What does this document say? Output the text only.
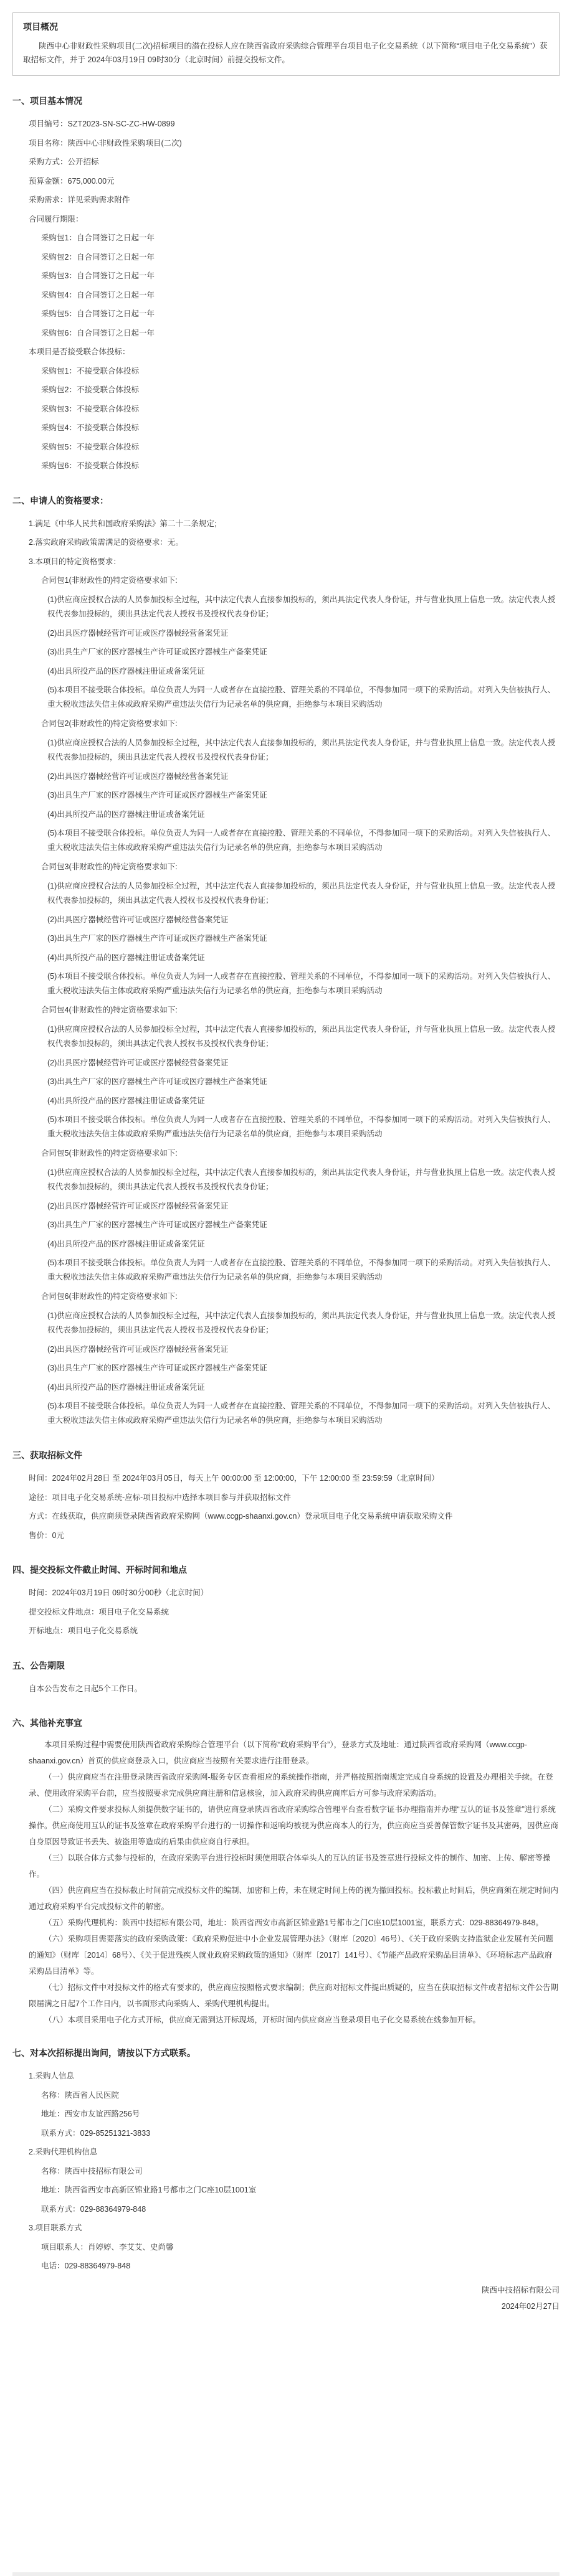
项目概况
陕西中心非财政性采购项目(二次)招标项目的潜在投标人应在陕西省政府采购综合管理平台项目电子化交易系统（以下简称“项目电子化交易系统”）获取招标文件，并于 2024年03月19日 09时30分（北京时间）前提交投标文件。
一、项目基本情况
项目编号：SZT2023-SN-SC-ZC-HW-0899
项目名称：陕西中心非财政性采购项目(二次)
采购方式：公开招标
预算金额：675,000.00元
采购需求：详见采购需求附件
合同履行期限：
采购包1：自合同签订之日起一年
采购包2：自合同签订之日起一年
采购包3：自合同签订之日起一年
采购包4：自合同签订之日起一年
采购包5：自合同签订之日起一年
采购包6：自合同签订之日起一年
本项目是否接受联合体投标：
采购包1：不接受联合体投标
采购包2：不接受联合体投标
采购包3：不接受联合体投标
采购包4：不接受联合体投标
采购包5：不接受联合体投标
采购包6：不接受联合体投标
二、申请人的资格要求：
1.满足《中华人民共和国政府采购法》第二十二条规定;
2.落实政府采购政策需满足的资格要求：无。
3.本项目的特定资格要求：
合同包1(非财政性的)特定资格要求如下:
(1)供应商应授权合法的人员参加投标全过程，其中法定代表人直接参加投标的，须出具法定代表人身份证，并与营业执照上信息一致。法定代表人授权代表参加投标的，须出具法定代表人授权书及授权代表身份证；
(2)出具医疗器械经营许可证或医疗器械经营备案凭证
(3)出具生产厂家的医疗器械生产许可证或医疗器械生产备案凭证
(4)出具所投产品的医疗器械注册证或备案凭证
(5)本项目不接受联合体投标。单位负责人为同一人或者存在直接控股、管理关系的不同单位，不得参加同一项下的采购活动。对列入失信被执行人、重大税收违法失信主体或政府采购严重违法失信行为记录名单的供应商，拒绝参与本项目采购活动
合同包2(非财政性的)特定资格要求如下:
(1)供应商应授权合法的人员参加投标全过程，其中法定代表人直接参加投标的，须出具法定代表人身份证，并与营业执照上信息一致。法定代表人授权代表参加投标的，须出具法定代表人授权书及授权代表身份证；
(2)出具医疗器械经营许可证或医疗器械经营备案凭证
(3)出具生产厂家的医疗器械生产许可证或医疗器械生产备案凭证
(4)出具所投产品的医疗器械注册证或备案凭证
(5)本项目不接受联合体投标。单位负责人为同一人或者存在直接控股、管理关系的不同单位，不得参加同一项下的采购活动。对列入失信被执行人、重大税收违法失信主体或政府采购严重违法失信行为记录名单的供应商，拒绝参与本项目采购活动
合同包3(非财政性的)特定资格要求如下:
(1)供应商应授权合法的人员参加投标全过程，其中法定代表人直接参加投标的，须出具法定代表人身份证，并与营业执照上信息一致。法定代表人授权代表参加投标的，须出具法定代表人授权书及授权代表身份证；
(2)出具医疗器械经营许可证或医疗器械经营备案凭证
(3)出具生产厂家的医疗器械生产许可证或医疗器械生产备案凭证
(4)出具所投产品的医疗器械注册证或备案凭证
(5)本项目不接受联合体投标。单位负责人为同一人或者存在直接控股、管理关系的不同单位，不得参加同一项下的采购活动。对列入失信被执行人、重大税收违法失信主体或政府采购严重违法失信行为记录名单的供应商，拒绝参与本项目采购活动
合同包4(非财政性的)特定资格要求如下:
(1)供应商应授权合法的人员参加投标全过程，其中法定代表人直接参加投标的，须出具法定代表人身份证，并与营业执照上信息一致。法定代表人授权代表参加投标的，须出具法定代表人授权书及授权代表身份证；
(2)出具医疗器械经营许可证或医疗器械经营备案凭证
(3)出具生产厂家的医疗器械生产许可证或医疗器械生产备案凭证
(4)出具所投产品的医疗器械注册证或备案凭证
(5)本项目不接受联合体投标。单位负责人为同一人或者存在直接控股、管理关系的不同单位，不得参加同一项下的采购活动。对列入失信被执行人、重大税收违法失信主体或政府采购严重违法失信行为记录名单的供应商，拒绝参与本项目采购活动
合同包5(非财政性的)特定资格要求如下:
(1)供应商应授权合法的人员参加投标全过程，其中法定代表人直接参加投标的，须出具法定代表人身份证，并与营业执照上信息一致。法定代表人授权代表参加投标的，须出具法定代表人授权书及授权代表身份证；
(2)出具医疗器械经营许可证或医疗器械经营备案凭证
(3)出具生产厂家的医疗器械生产许可证或医疗器械生产备案凭证
(4)出具所投产品的医疗器械注册证或备案凭证
(5)本项目不接受联合体投标。单位负责人为同一人或者存在直接控股、管理关系的不同单位，不得参加同一项下的采购活动。对列入失信被执行人、重大税收违法失信主体或政府采购严重违法失信行为记录名单的供应商，拒绝参与本项目采购活动
合同包6(非财政性的)特定资格要求如下:
(1)供应商应授权合法的人员参加投标全过程，其中法定代表人直接参加投标的，须出具法定代表人身份证，并与营业执照上信息一致。法定代表人授权代表参加投标的，须出具法定代表人授权书及授权代表身份证；
(2)出具医疗器械经营许可证或医疗器械经营备案凭证
(3)出具生产厂家的医疗器械生产许可证或医疗器械生产备案凭证
(4)出具所投产品的医疗器械注册证或备案凭证
(5)本项目不接受联合体投标。单位负责人为同一人或者存在直接控股、管理关系的不同单位，不得参加同一项下的采购活动。对列入失信被执行人、重大税收违法失信主体或政府采购严重违法失信行为记录名单的供应商，拒绝参与本项目采购活动
三、获取招标文件
时间：2024年02月28日 至 2024年03月05日，每天上午 00:00:00 至 12:00:00，下午 12:00:00 至 23:59:59（北京时间）
途径：项目电子化交易系统-应标-项目投标中选择本项目参与并获取招标文件
方式：在线获取，供应商须登录陕西省政府采购网（www.ccgp-shaanxi.gov.cn）登录项目电子化交易系统申请获取采购文件
售价：0元
四、提交投标文件截止时间、开标时间和地点
时间：2024年03月19日 09时30分00秒（北京时间）
提交投标文件地点：项目电子化交易系统
开标地点：项目电子化交易系统
五、公告期限
自本公告发布之日起5个工作日。
六、其他补充事宜
本项目采购过程中需要使用陕西省政府采购综合管理平台（以下简称“政府采购平台”），登录方式及地址：通过陕西省政府采购网（www.ccgp-shaanxi.gov.cn）首页的供应商登录入口，供应商应当按照有关要求进行注册登录。
（一）供应商应当在注册登录陕西省政府采购网-服务专区查看相应的系统操作指南，并严格按照指南规定完成自身系统的设置及办理相关手续。在登录、使用政府采购平台前，应当按照要求完成供应商注册和信息核验，加入政府采购供应商库后方可参与政府采购活动。
（二）采购文件要求投标人须提供数字证书的，请供应商登录陕西省政府采购综合管理平台查看数字证书办理指南并办理“互认的证书及签章”进行系统操作。供应商使用互认的证书及签章在政府采购平台进行的一切操作和返响均被视为供应商本人的行为，供应商应当妥善保管数字证书及其密码，因供应商自身原因导致证书丢失、被盗用等造成的后果由供应商自行承担。
（三）以联合体方式参与投标的，在政府采购平台进行投标时须使用联合体牵头人的互认的证书及签章进行投标文件的制作、加密、上传、解密等操作。
（四）供应商应当在投标截止时间前完成投标文件的编制、加密和上传，未在规定时间上传的视为撤回投标。投标截止时间后，供应商须在规定时间内通过政府采购平台完成投标文件的解密。
（五）采购代理机构：陕西中技招标有限公司，地址：陕西省西安市高新区锦业路1号都市之门C座10层1001室，联系方式：029-88364979-848。
（六）采购项目需要落实的政府采购政策：《政府采购促进中小企业发展管理办法》（财库〔2020〕46号）、《关于政府采购支持监狱企业发展有关问题的通知》（财库〔2014〕68号）、《关于促进残疾人就业政府采购政策的通知》（财库〔2017〕141号）、《节能产品政府采购品目清单》、《环境标志产品政府采购品目清单》等。
（七）招标文件中对投标文件的格式有要求的，供应商应按照格式要求编制；供应商对招标文件提出质疑的，应当在获取招标文件或者招标文件公告期限届满之日起7个工作日内，以书面形式向采购人、采购代理机构提出。
（八）本项目采用电子化方式开标，供应商无需到达开标现场，开标时间内供应商应当登录项目电子化交易系统在线参加开标。
七、对本次招标提出询问，请按以下方式联系。
1.采购人信息
名称：陕西省人民医院
地址：西安市友谊西路256号
联系方式：029-85251321-3833
2.采购代理机构信息
名称：陕西中技招标有限公司
地址：陕西省西安市高新区锦业路1号都市之门C座10层1001室
联系方式：029-88364979-848
3.项目联系方式
项目联系人：肖婷婷、李艾艾、史尚馨
电话：029-88364979-848
陕西中技招标有限公司
2024年02月27日
